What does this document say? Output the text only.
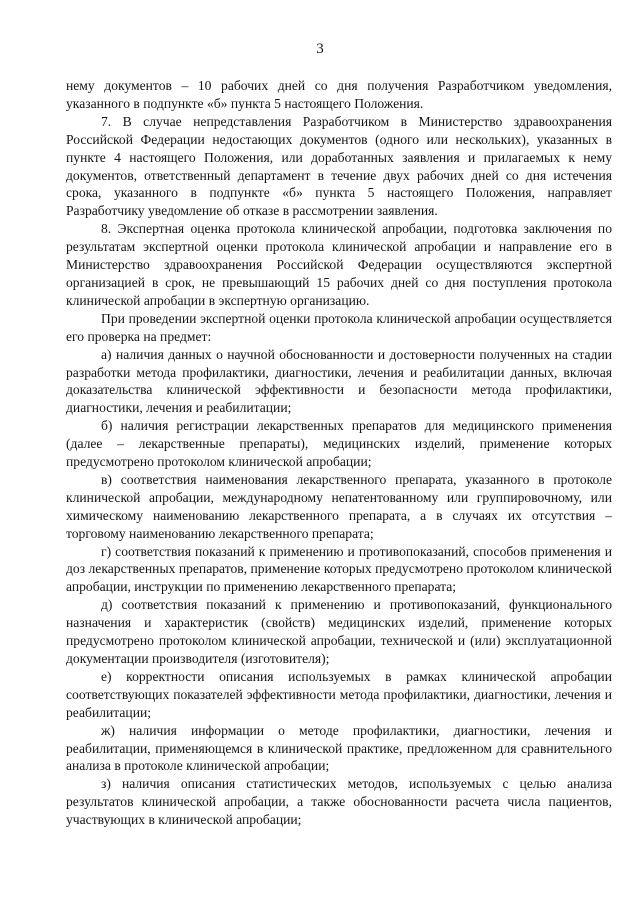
3

нему документов – 10 рабочих дней со дня получения Разработчиком уведомления, указанного в подпункте «б» пункта 5 настоящего Положения.

7. В случае непредставления Разработчиком в Министерство здравоохранения Российской Федерации недостающих документов (одного или нескольких), указанных в пункте 4 настоящего Положения, или доработанных заявления и прилагаемых к нему документов, ответственный департамент в течение двух рабочих дней со дня истечения срока, указанного в подпункте «б» пункта 5 настоящего Положения, направляет Разработчику уведомление об отказе в рассмотрении заявления.

8. Экспертная оценка протокола клинической апробации, подготовка заключения по результатам экспертной оценки протокола клинической апробации и направление его в Министерство здравоохранения Российской Федерации осуществляются экспертной организацией в срок, не превышающий 15 рабочих дней со дня поступления протокола клинической апробации в экспертную организацию.

При проведении экспертной оценки протокола клинической апробации осуществляется его проверка на предмет:

а) наличия данных о научной обоснованности и достоверности полученных на стадии разработки метода профилактики, диагностики, лечения и реабилитации данных, включая доказательства клинической эффективности и безопасности метода профилактики, диагностики, лечения и реабилитации;

б) наличия регистрации лекарственных препаратов для медицинского применения (далее – лекарственные препараты), медицинских изделий, применение которых предусмотрено протоколом клинической апробации;

в) соответствия наименования лекарственного препарата, указанного в протоколе клинической апробации, международному непатентованному или группировочному, или химическому наименованию лекарственного препарата, а в случаях их отсутствия – торговому наименованию лекарственного препарата;

г) соответствия показаний к применению и противопоказаний, способов применения и доз лекарственных препаратов, применение которых предусмотрено протоколом клинической апробации, инструкции по применению лекарственного препарата;

д) соответствия показаний к применению и противопоказаний, функционального назначения и характеристик (свойств) медицинских изделий, применение которых предусмотрено протоколом клинической апробации, технической и (или) эксплуатационной документации производителя (изготовителя);

е) корректности описания используемых в рамках клинической апробации соответствующих показателей эффективности метода профилактики, диагностики, лечения и реабилитации;

ж) наличия информации о методе профилактики, диагностики, лечения и реабилитации, применяющемся в клинической практике, предложенном для сравнительного анализа в протоколе клинической апробации;

з) наличия описания статистических методов, используемых с целью анализа результатов клинической апробации, а также обоснованности расчета числа пациентов, участвующих в клинической апробации;
